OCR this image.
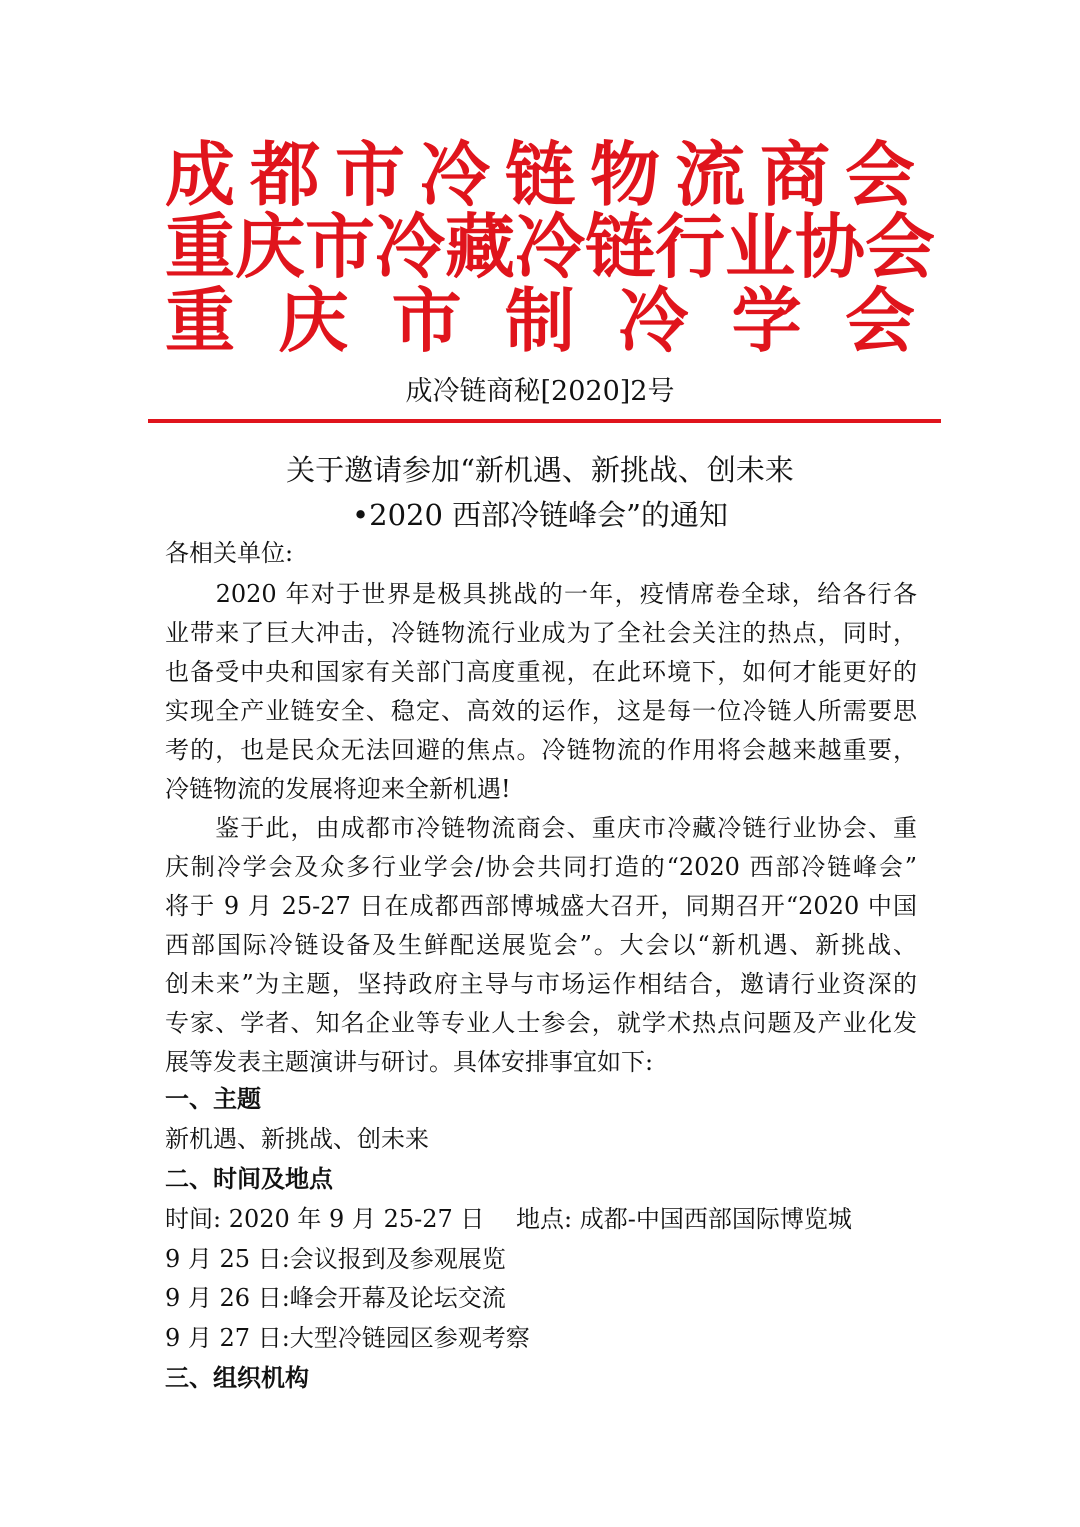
成 都 市 冷 链 物 流 商 会
重 庆 市 冷 藏 冷 链 行 业 协 会
重 庆 市 制 冷 学 会
成冷链商秘[2020]2号
关于邀请参加“新机遇、新挑战、创未来
•2020 西部冷链峰会”的通知
各相关单位:
　　2020 年对于世界是极具挑战的一年，疫情席卷全球，给各行各
业带来了巨大冲击，冷链物流行业成为了全社会关注的热点，同时，
也备受中央和国家有关部门高度重视，在此环境下，如何才能更好的
实现全产业链安全、稳定、高效的运作，这是每一位冷链人所需要思
考的，也是民众无法回避的焦点。冷链物流的作用将会越来越重要，
冷链物流的发展将迎来全新机遇!
　　鉴于此，由成都市冷链物流商会、重庆市冷藏冷链行业协会、重
庆制冷学会及众多行业学会/协会共同打造的“2020 西部冷链峰会”
将于 9 月 25-27 日在成都西部博城盛大召开，同期召开“2020 中国
西部国际冷链设备及生鲜配送展览会”。大会以“新机遇、新挑战、
创未来”为主题，坚持政府主导与市场运作相结合，邀请行业资深的
专家、学者、知名企业等专业人士参会，就学术热点问题及产业化发
展等发表主题演讲与研讨。具体安排事宜如下:
一、主题
新机遇、新挑战、创未来
二、时间及地点
时间: 2020 年 9 月 25-27 日　 地点: 成都-中国西部国际博览城
9 月 25 日:会议报到及参观展览
9 月 26 日:峰会开幕及论坛交流
9 月 27 日:大型冷链园区参观考察
三、组织机构
